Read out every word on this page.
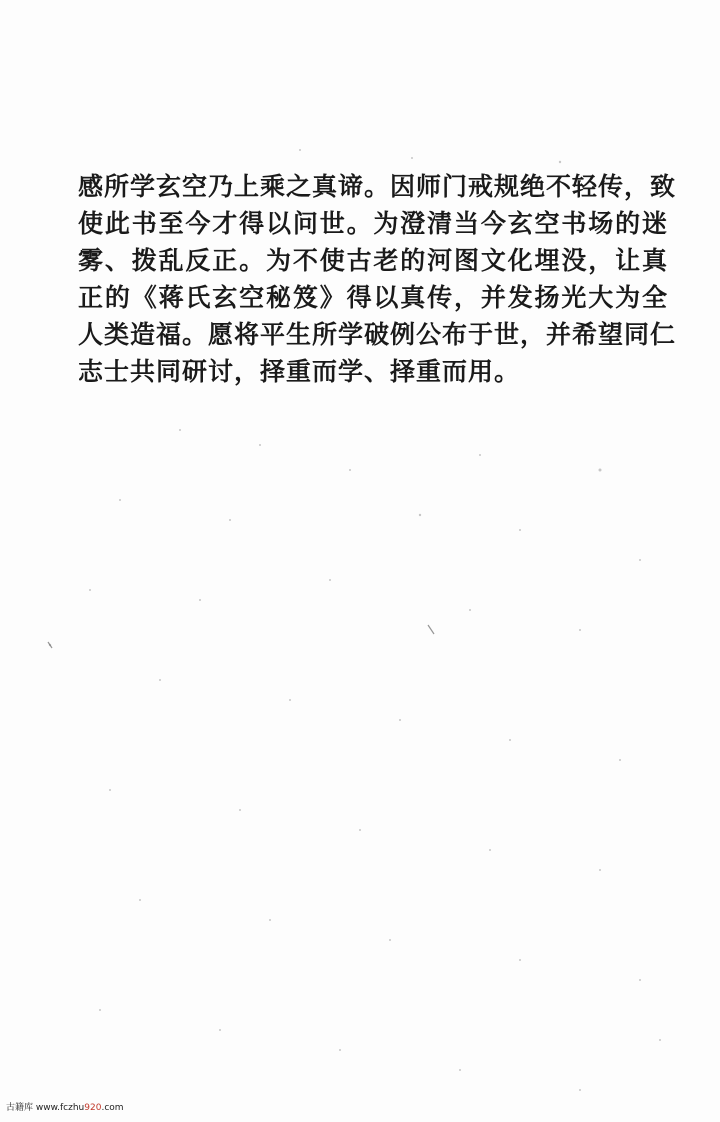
感所学玄空乃上乘之真谛。因师门戒规绝不轻传，致
使此书至今才得以问世。为澄清当今玄空书场的迷
雾、拨乱反正。为不使古老的河图文化埋没，让真
正的《蒋氏玄空秘笈》得以真传，并发扬光大为全
人类造福。愿将平生所学破例公布于世，并希望同仁
志士共同研讨，择重而学、择重而用。
古籍库 www.fczhu920.com
